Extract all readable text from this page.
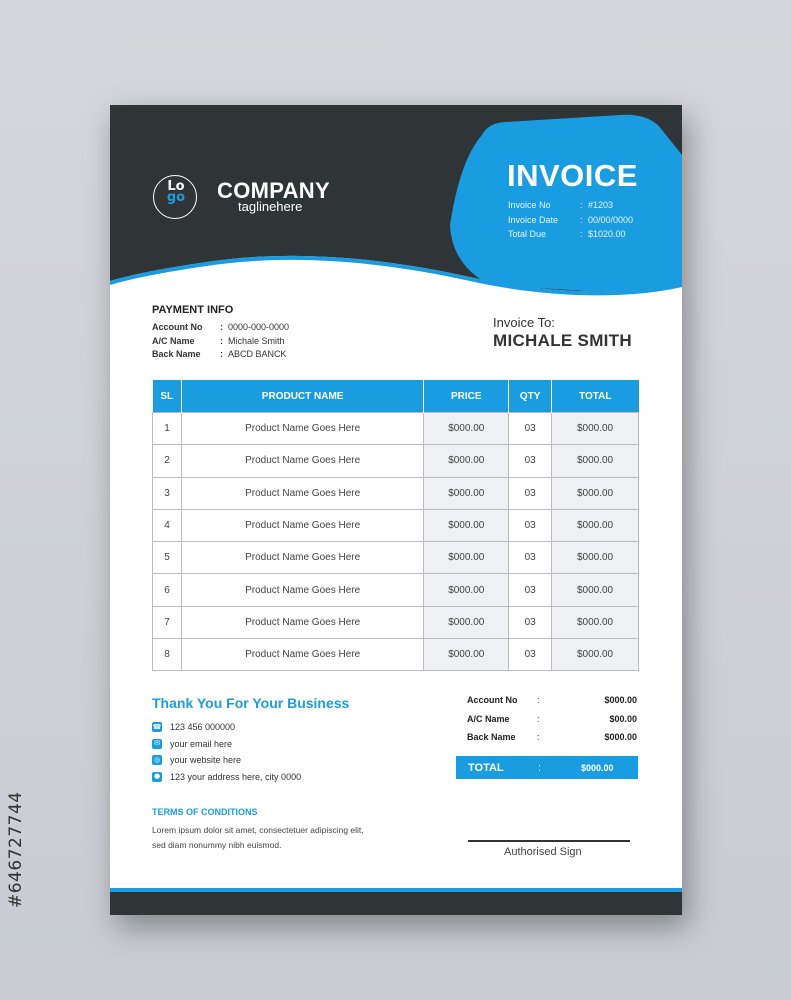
#646727744
Lo
go COMPANY
taglinehere
INVOICE
Invoice No	: #1203
Invoice Date	: 00/00/0000
Total Due	: $1020.00
PAYMENT INFO
Account No	: 0000-000-0000
A/C Name	: Michale Smith
Back Name	: ABCD BANCK
Invoice To:
MICHALE SMITH
SL	PRODUCT NAME	PRICE	QTY	TOTAL
1	Product Name Goes Here	$000.00	03	$000.00
2	Product Name Goes Here	$000.00	03	$000.00
3	Product Name Goes Here	$000.00	03	$000.00
4	Product Name Goes Here	$000.00	03	$000.00
5	Product Name Goes Here	$000.00	03	$000.00
6	Product Name Goes Here	$000.00	03	$000.00
7	Product Name Goes Here	$000.00	03	$000.00
8	Product Name Goes Here	$000.00	03	$000.00
Thank You For Your Business
☎ 123 456 000000
✉ your email here
◎ your website here
● 123 your address here, city 0000
TERMS OF CONDITIONS
Lorem ipsum dolor sit amet, consectetuer adipiscing elit,
sed diam nonummy nibh euismod.
Account No	:	$000.00
A/C Name	:	$00.00
Back Name	:	$000.00
TOTAL	:	$000.00
Authorised Sign
